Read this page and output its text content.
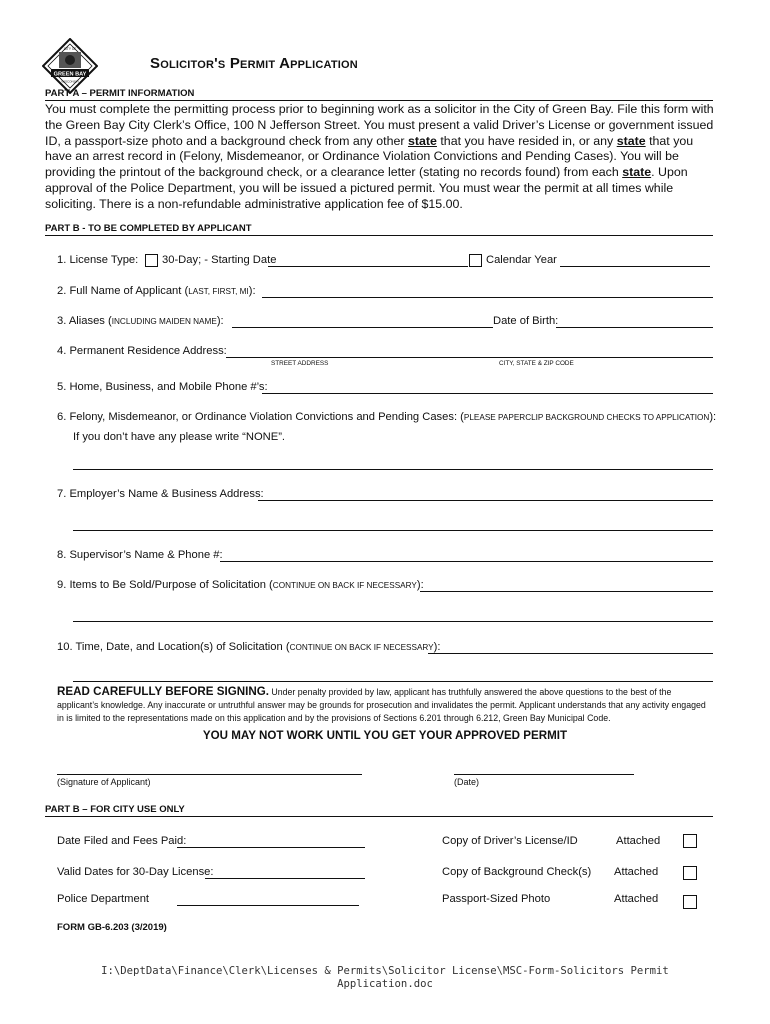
GREEN BAY
CITY OF
WISCONSIN
Solicitor's Permit Application
PART A – PERMIT INFORMATION
You must complete the permitting process prior to beginning work as a solicitor in the City of Green Bay. File this form with the Green Bay City Clerk’s Office, 100 N Jefferson Street. You must present a valid Driver’s License or government issued ID, a passport-size photo and a background check from any other state that you have resided in, or any state that you have an arrest record in (Felony, Misdemeanor, or Ordinance Violation Convictions and Pending Cases). You will be providing the printout of the background check, or a clearance letter (stating no records found) from each state. Upon approval of the Police Department, you will be issued a pictured permit. You must wear the permit at all times while soliciting. There is a non-refundable administrative application fee of $15.00.
PART B - TO BE COMPLETED BY APPLICANT
1. License Type: 30-Day; - Starting Date	Calendar Year
2. Full Name of Applicant (LAST, FIRST, MI):
3. Aliases (INCLUDING MAIDEN NAME):	Date of Birth:
4. Permanent Residence Address:
STREET ADDRESS	CITY, STATE & ZIP CODE
5. Home, Business, and Mobile Phone #’s:
6. Felony, Misdemeanor, or Ordinance Violation Convictions and Pending Cases: (PLEASE PAPERCLIP BACKGROUND CHECKS TO APPLICATION):
If you don’t have any please write “NONE”.
7. Employer’s Name & Business Address:
8. Supervisor’s Name & Phone #:
9. Items to Be Sold/Purpose of Solicitation (CONTINUE ON BACK IF NECESSARY):
10. Time, Date, and Location(s) of Solicitation (CONTINUE ON BACK IF NECESSARY):
READ CAREFULLY BEFORE SIGNING. Under penalty provided by law, applicant has truthfully answered the above questions to the best of the applicant’s knowledge. Any inaccurate or untruthful answer may be grounds for prosecution and invalidates the permit. Applicant understands that any activity engaged in is limited to the representations made on this application and by the provisions of Sections 6.201 through 6.212, Green Bay Municipal Code.
YOU MAY NOT WORK UNTIL YOU GET YOUR APPROVED PERMIT
(Signature of Applicant)	(Date)
PART B – FOR CITY USE ONLY
Date Filed and Fees Paid:	Copy of Driver’s License/ID	Attached
Valid Dates for 30-Day License:	Copy of Background Check(s) Attached
Police Department	Passport-Sized Photo	Attached
FORM GB-6.203 (3/2019)
I:\DeptData\Finance\Clerk\Licenses & Permits\Solicitor License\MSC-Form-Solicitors Permit
Application.doc
